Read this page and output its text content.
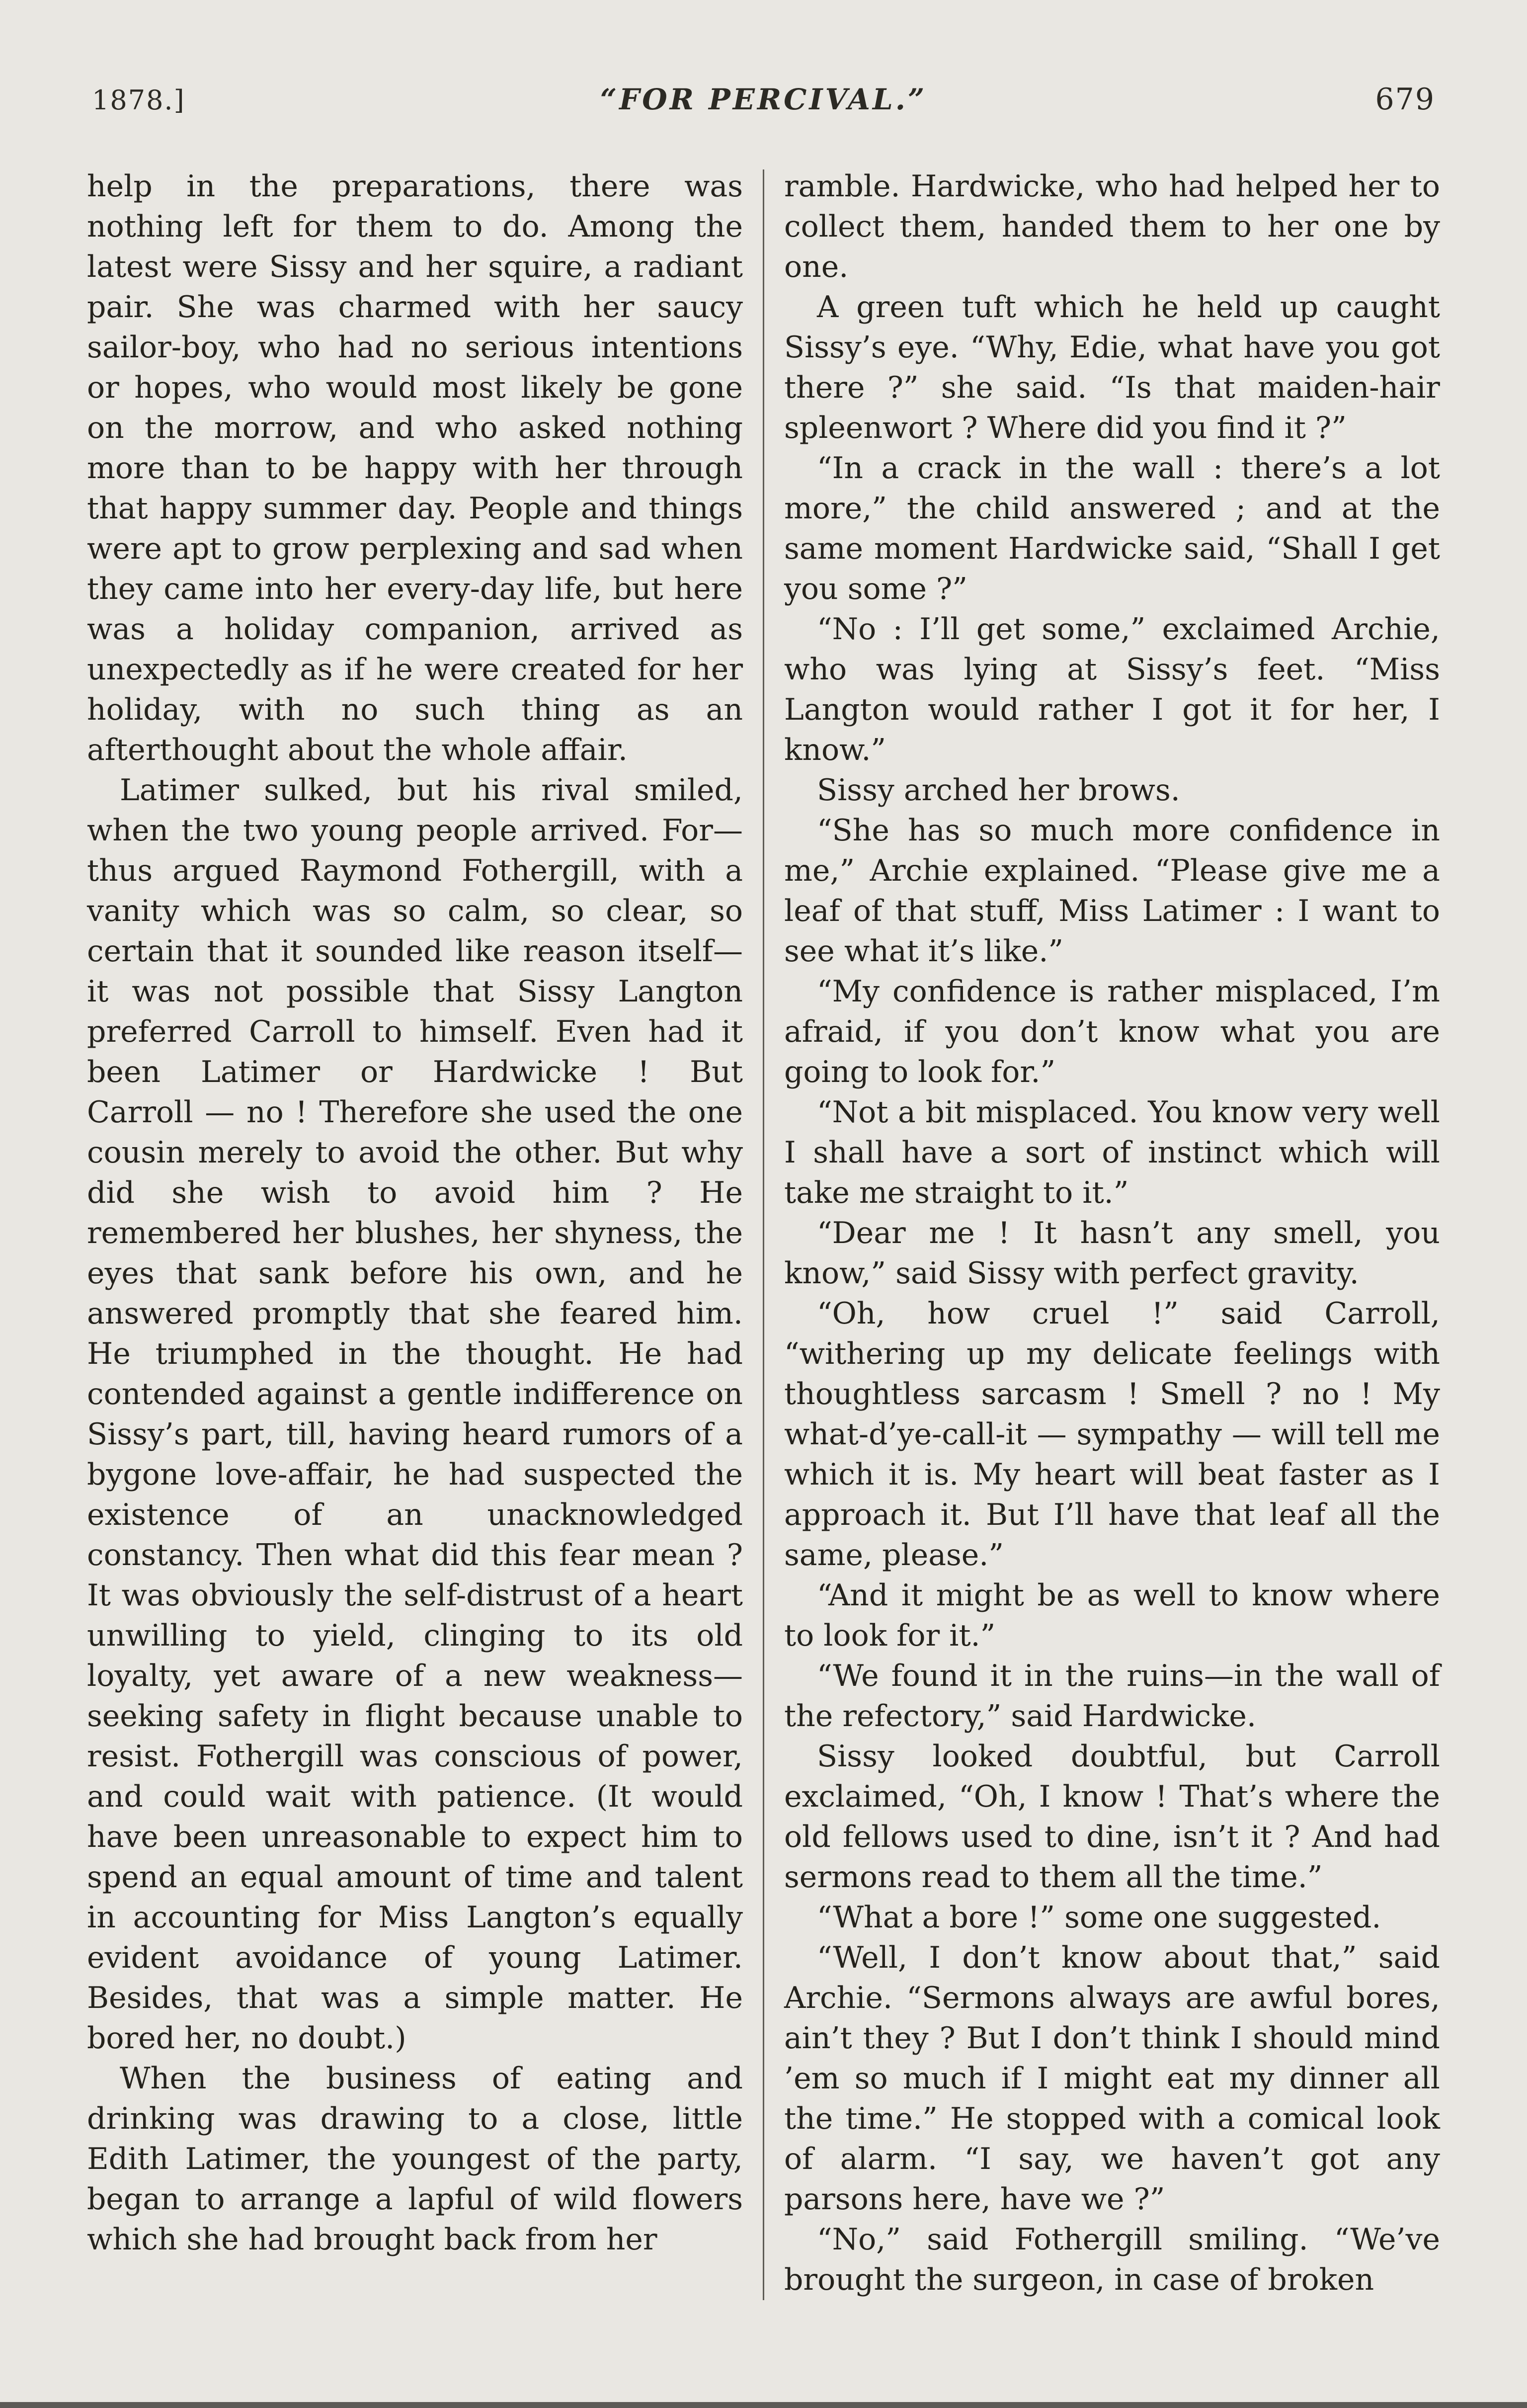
1878.]	“FOR PERCIVAL.”	679

help in the preparations, there was nothing left for them to do. Among the latest were Sissy and her squire, a radiant pair. She was charmed with her saucy sailor-boy, who had no serious intentions or hopes, who would most likely be gone on the morrow, and who asked nothing more than to be happy with her through that happy summer day. People and things were apt to grow perplexing and sad when they came into her every-day life, but here was a holiday companion, arrived as unexpectedly as if he were created for her holiday, with no such thing as an afterthought about the whole affair.

Latimer sulked, but his rival smiled, when the two young people arrived. For—thus argued Raymond Fothergill, with a vanity which was so calm, so clear, so certain that it sounded like reason itself—it was not possible that Sissy Langton preferred Carroll to himself. Even had it been Latimer or Hardwicke ! But Carroll — no ! Therefore she used the one cousin merely to avoid the other. But why did she wish to avoid him ? He remembered her blushes, her shyness, the eyes that sank before his own, and he answered promptly that she feared him. He triumphed in the thought. He had contended against a gentle indifference on Sissy’s part, till, having heard rumors of a bygone love-affair, he had suspected the existence of an unacknowledged constancy. Then what did this fear mean ? It was obviously the self-distrust of a heart unwilling to yield, clinging to its old loyalty, yet aware of a new weakness—seeking safety in flight because unable to resist. Fothergill was conscious of power, and could wait with patience. (It would have been unreasonable to expect him to spend an equal amount of time and talent in accounting for Miss Langton’s equally evident avoidance of young Latimer. Besides, that was a simple matter. He bored her, no doubt.)

When the business of eating and drinking was drawing to a close, little Edith Latimer, the youngest of the party, began to arrange a lapful of wild flowers which she had brought back from her

ramble. Hardwicke, who had helped her to collect them, handed them to her one by one.

A green tuft which he held up caught Sissy’s eye. “Why, Edie, what have you got there ?” she said. “Is that maiden-hair spleenwort ? Where did you find it ?”

“In a crack in the wall : there’s a lot more,” the child answered ; and at the same moment Hardwicke said, “Shall I get you some ?”

“No : I’ll get some,” exclaimed Archie, who was lying at Sissy’s feet. “Miss Langton would rather I got it for her, I know.”

Sissy arched her brows.

“She has so much more confidence in me,” Archie explained. “Please give me a leaf of that stuff, Miss Latimer : I want to see what it’s like.”

“My confidence is rather misplaced, I’m afraid, if you don’t know what you are going to look for.”

“Not a bit misplaced. You know very well I shall have a sort of instinct which will take me straight to it.”

“Dear me ! It hasn’t any smell, you know,” said Sissy with perfect gravity.

“Oh, how cruel !” said Carroll, “withering up my delicate feelings with thoughtless sarcasm ! Smell ? no ! My what-d’ye-call-it — sympathy — will tell me which it is. My heart will beat faster as I approach it. But I’ll have that leaf all the same, please.”

“And it might be as well to know where to look for it.”

“We found it in the ruins—in the wall of the refectory,” said Hardwicke.

Sissy looked doubtful, but Carroll exclaimed, “Oh, I know ! That’s where the old fellows used to dine, isn’t it ? And had sermons read to them all the time.”

“What a bore !” some one suggested.

“Well, I don’t know about that,” said Archie. “Sermons always are awful bores, ain’t they ? But I don’t think I should mind ’em so much if I might eat my dinner all the time.” He stopped with a comical look of alarm. “I say, we haven’t got any parsons here, have we ?”

“No,” said Fothergill smiling. “We’ve brought the surgeon, in case of broken
